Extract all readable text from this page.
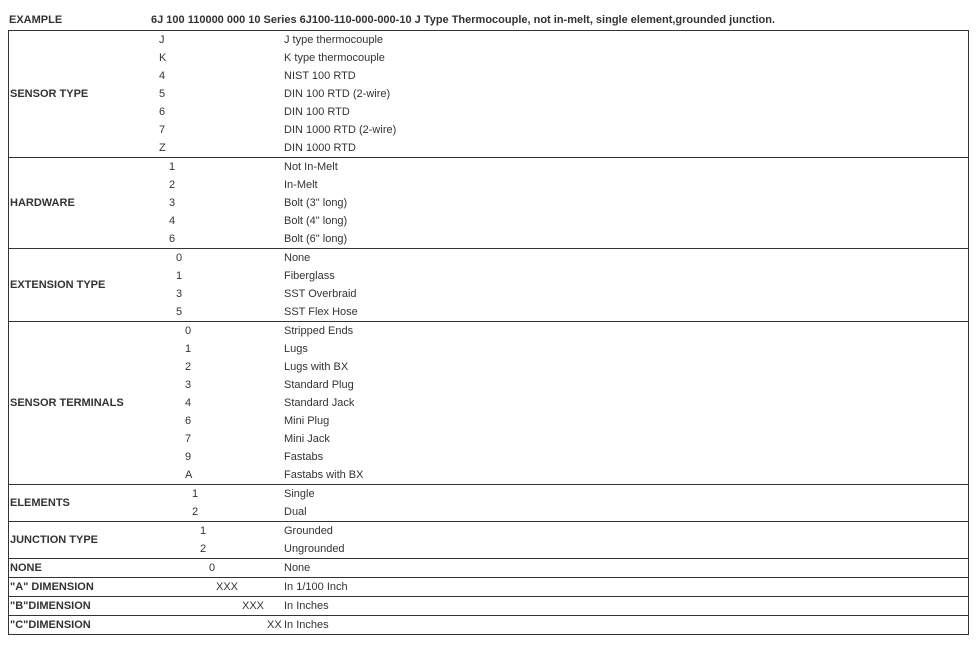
EXAMPLE	6J 100 110000 000 10 Series 6J100-110-000-000-10 J Type Thermocouple, not in-melt, single element,grounded junction.
SENSOR TYPE
J	J type thermocouple
K	K type thermocouple
4	NIST 100 RTD
5	DIN 100 RTD (2-wire)
6	DIN 100 RTD
7	DIN 1000 RTD (2-wire)
Z	DIN 1000 RTD

HARDWARE
1	Not In-Melt
2	In-Melt
3	Bolt (3" long)
4	Bolt (4" long)
6	Bolt (6" long)

EXTENSION TYPE
0	None
1	Fiberglass
3	SST Overbraid
5	SST Flex Hose

SENSOR TERMINALS
0	Stripped Ends
1	Lugs
2	Lugs with BX
3	Standard Plug
4	Standard Jack
6	Mini Plug
7	Mini Jack
9	Fastabs
A	Fastabs with BX

ELEMENTS
1	Single
2	Dual

JUNCTION TYPE
1	Grounded
2	Ungrounded

NONE	0	None

"A" DIMENSION	XXX	In 1/100 Inch

"B"DIMENSION	XXX In Inches

"C"DIMENSION	XX In Inches
